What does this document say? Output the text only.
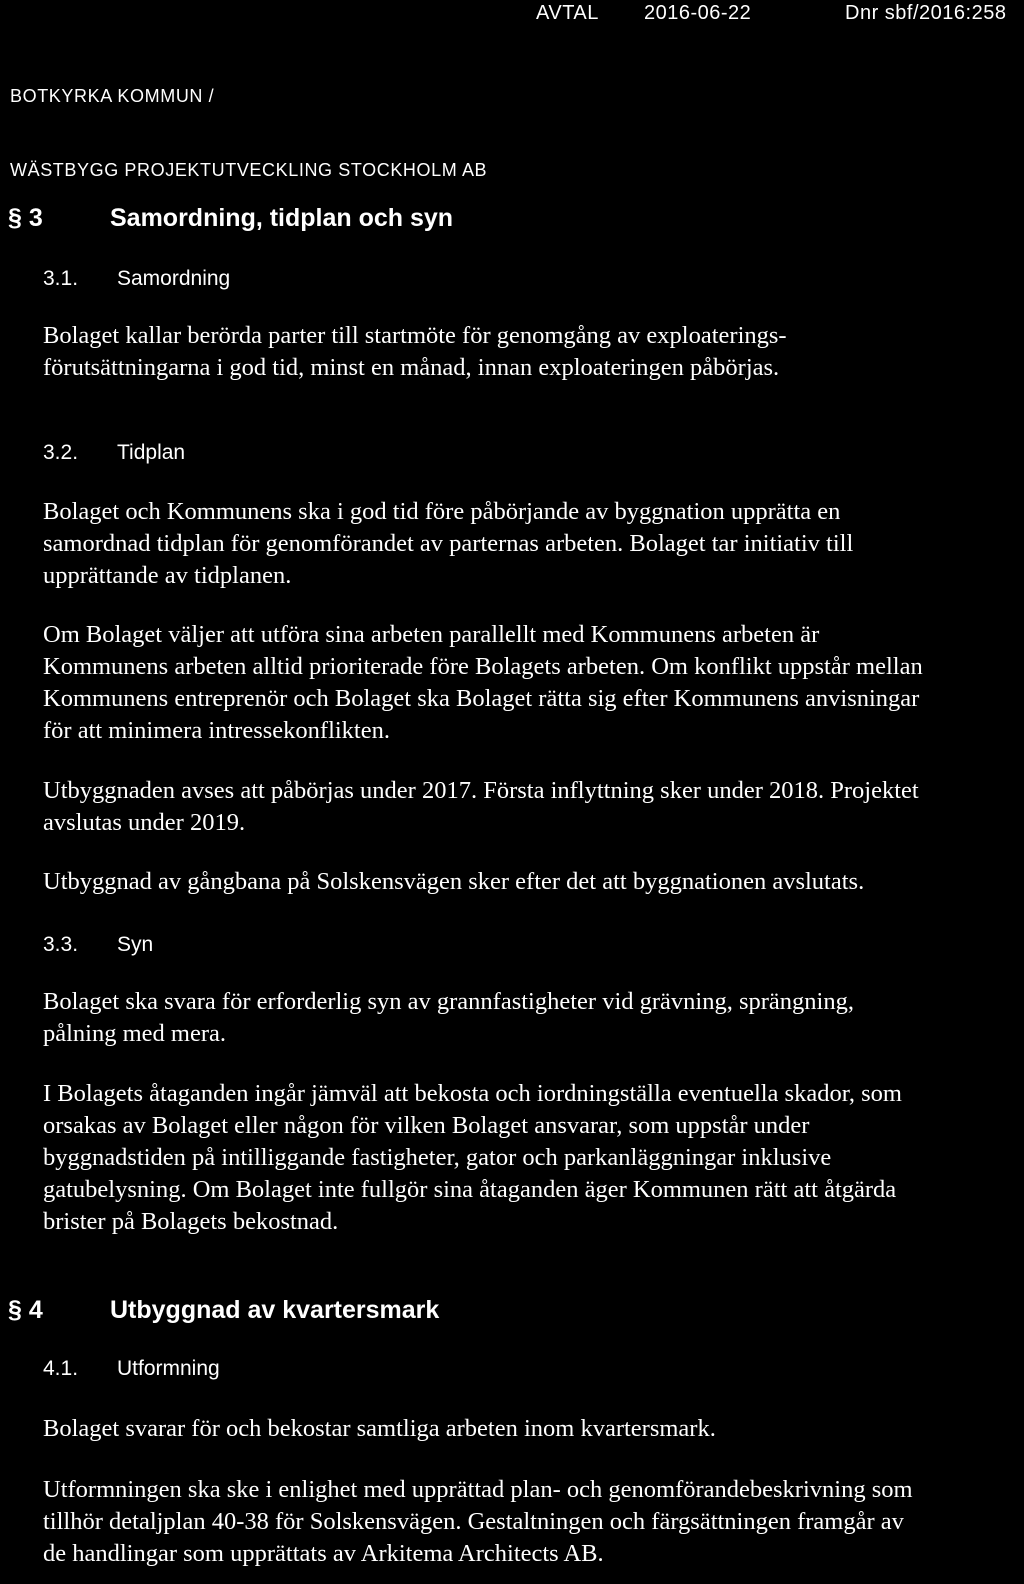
AVTAL 2016-06-22	Dnr sbf/2016:258
BOTKYRKA KOMMUN /
WÄSTBYGG PROJEKTUTVECKLING STOCKHOLM AB
§ 3	Samordning, tidplan och syn
3.1. Samordning
Bolaget kallar berörda parter till startmöte för genomgång av exploaterings-
förutsättningarna i god tid, minst en månad, innan exploateringen påbörjas.
3.2. Tidplan
Bolaget och Kommunens ska i god tid före påbörjande av byggnation upprätta en
samordnad tidplan för genomförandet av parternas arbeten. Bolaget tar initiativ till
upprättande av tidplanen.
Om Bolaget väljer att utföra sina arbeten parallellt med Kommunens arbeten är
Kommunens arbeten alltid prioriterade före Bolagets arbeten. Om konflikt uppstår mellan
Kommunens entreprenör och Bolaget ska Bolaget rätta sig efter Kommunens anvisningar
för att minimera intressekonflikten.
Utbyggnaden avses att påbörjas under 2017. Första inflyttning sker under 2018. Projektet
avslutas under 2019.
Utbyggnad av gångbana på Solskensvägen sker efter det att byggnationen avslutats.
3.3. Syn
Bolaget ska svara för erforderlig syn av grannfastigheter vid grävning, sprängning,
pålning med mera.
I Bolagets åtaganden ingår jämväl att bekosta och iordningställa eventuella skador, som
orsakas av Bolaget eller någon för vilken Bolaget ansvarar, som uppstår under
byggnadstiden på intilliggande fastigheter, gator och parkanläggningar inklusive
gatubelysning. Om Bolaget inte fullgör sina åtaganden äger Kommunen rätt att åtgärda
brister på Bolagets bekostnad.
§ 4	Utbyggnad av kvartersmark
4.1. Utformning
Bolaget svarar för och bekostar samtliga arbeten inom kvartersmark.
Utformningen ska ske i enlighet med upprättad plan- och genomförandebeskrivning som
tillhör detaljplan 40-38 för Solskensvägen. Gestaltningen och färgsättningen framgår av
de handlingar som upprättats av Arkitema Architects AB.
